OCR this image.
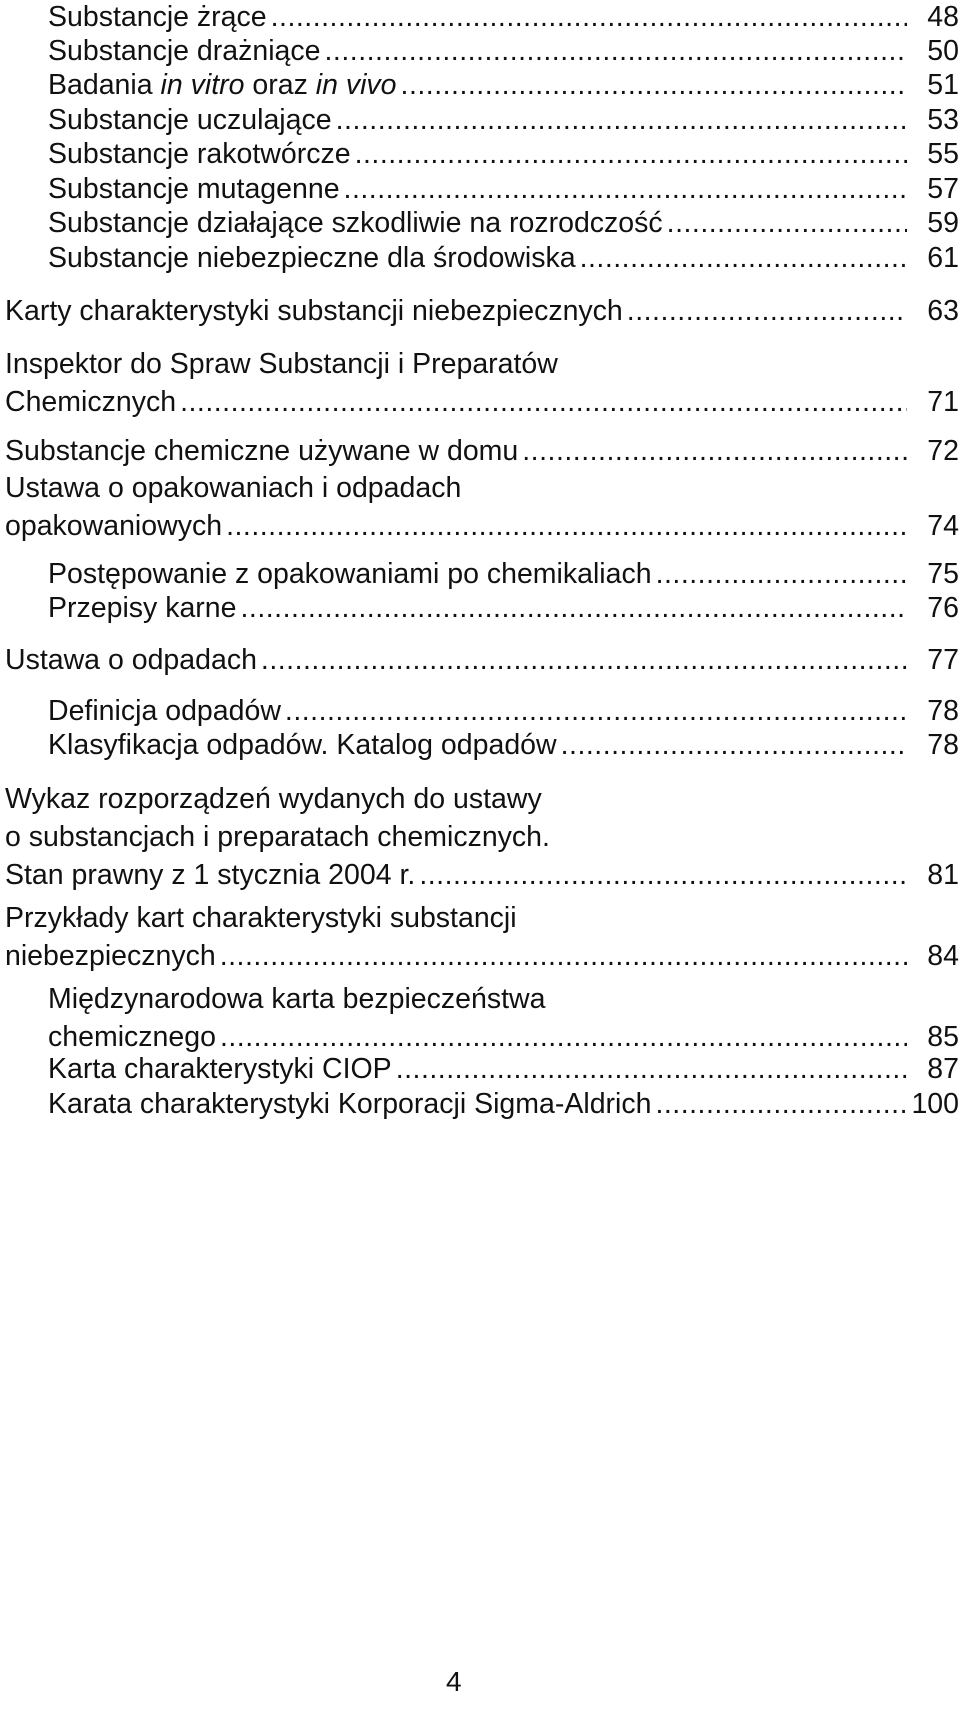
Substancje żrące .....	48
Substancje drażniące .....	50
Badania in vitro oraz in vivo .....	51
Substancje uczulające .....	53
Substancje rakotwórcze .....	55
Substancje mutagenne .....	57
Substancje działające szkodliwie na rozrodczość .....	59
Substancje niebezpieczne dla środowiska .....	61
Karty charakterystyki substancji niebezpiecznych .....	63
Inspektor do Spraw Substancji i Preparatów
Chemicznych .....	71
Substancje chemiczne używane w domu .....	72
Ustawa o opakowaniach i odpadach
opakowaniowych .....	74
Postępowanie z opakowaniami po chemikaliach .....	75
Przepisy karne .....	76
Ustawa o odpadach .....	77
Definicja odpadów .....	78
Klasyfikacja odpadów. Katalog odpadów .....	78
Wykaz rozporządzeń wydanych do ustawy
o substancjach i preparatach chemicznych.
Stan prawny z 1 stycznia 2004 r. .....	81
Przykłady kart charakterystyki substancji
niebezpiecznych .....	84
Międzynarodowa karta bezpieczeństwa
chemicznego .....	85
Karta charakterystyki CIOP .....	87
Karata charakterystyki Korporacji Sigma-Aldrich .....	100
4
